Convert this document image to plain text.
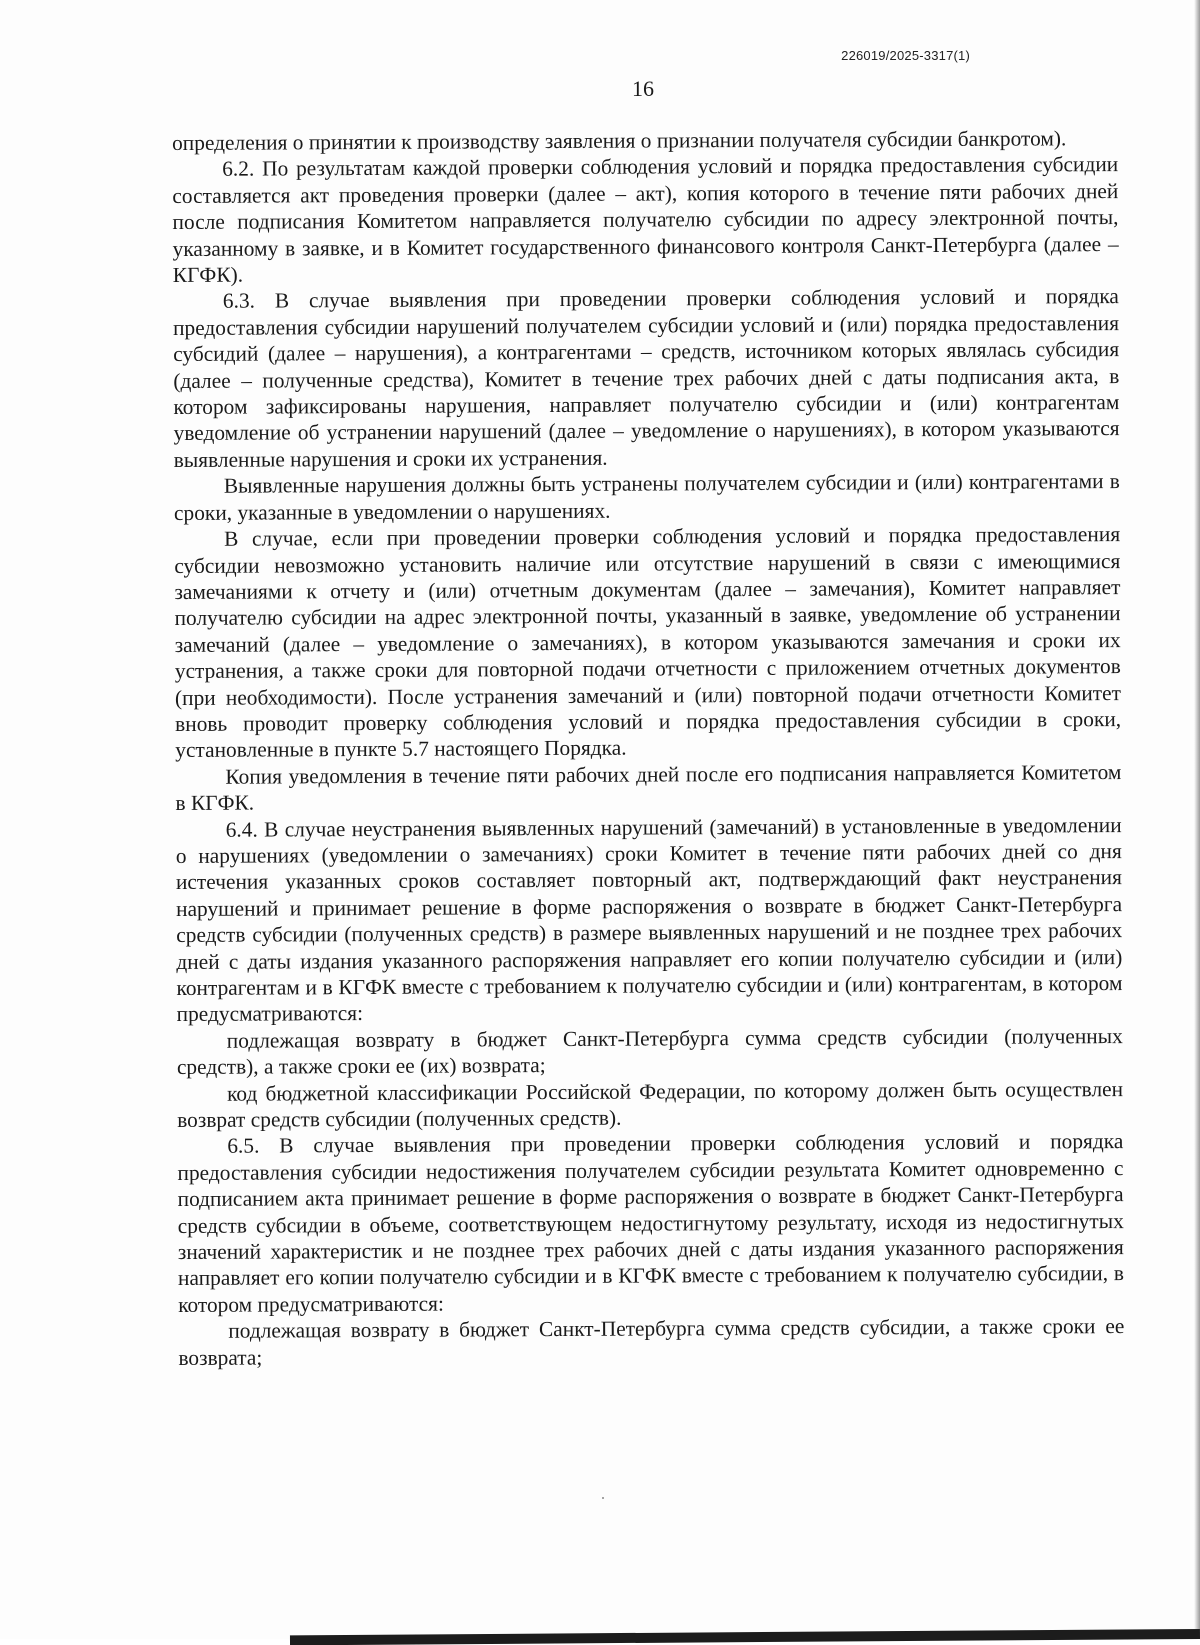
226019/2025-3317(1)
16

определения о принятии к производству заявления о признании получателя субсидии банкротом).

6.2. По результатам каждой проверки соблюдения условий и порядка предоставления субсидии составляется акт проведения проверки (далее – акт), копия которого в течение пяти рабочих дней после подписания Комитетом направляется получателю субсидии по адресу электронной почты, указанному в заявке, и в Комитет государственного финансового контроля Санкт-Петербурга (далее – КГФК).

6.3. В случае выявления при проведении проверки соблюдения условий и порядка предоставления субсидии нарушений получателем субсидии условий и (или) порядка предоставления субсидий (далее – нарушения), а контрагентами – средств, источником которых являлась субсидия (далее – полученные средства), Комитет в течение трех рабочих дней с даты подписания акта, в котором зафиксированы нарушения, направляет получателю субсидии и (или) контрагентам уведомление об устранении нарушений (далее – уведомление о нарушениях), в котором указываются выявленные нарушения и сроки их устранения.

Выявленные нарушения должны быть устранены получателем субсидии и (или) контрагентами в сроки, указанные в уведомлении о нарушениях.

В случае, если при проведении проверки соблюдения условий и порядка предоставления субсидии невозможно установить наличие или отсутствие нарушений в связи с имеющимися замечаниями к отчету и (или) отчетным документам (далее – замечания), Комитет направляет получателю субсидии на адрес электронной почты, указанный в заявке, уведомление об устранении замечаний (далее – уведомление о замечаниях), в котором указываются замечания и сроки их устранения, а также сроки для повторной подачи отчетности с приложением отчетных документов (при необходимости). После устранения замечаний и (или) повторной подачи отчетности Комитет вновь проводит проверку соблюдения условий и порядка предоставления субсидии в сроки, установленные в пункте 5.7 настоящего Порядка.

Копия уведомления в течение пяти рабочих дней после его подписания направляется Комитетом в КГФК.

6.4. В случае неустранения выявленных нарушений (замечаний) в установленные в уведомлении о нарушениях (уведомлении о замечаниях) сроки Комитет в течение пяти рабочих дней со дня истечения указанных сроков составляет повторный акт, подтверждающий факт неустранения нарушений и принимает решение в форме распоряжения о возврате в бюджет Санкт-Петербурга средств субсидии (полученных средств) в размере выявленных нарушений и не позднее трех рабочих дней с даты издания указанного распоряжения направляет его копии получателю субсидии и (или) контрагентам и в КГФК вместе с требованием к получателю субсидии и (или) контрагентам, в котором предусматриваются:

подлежащая возврату в бюджет Санкт-Петербурга сумма средств субсидии (полученных средств), а также сроки ее (их) возврата;

код бюджетной классификации Российской Федерации, по которому должен быть осуществлен возврат средств субсидии (полученных средств).

6.5. В случае выявления при проведении проверки соблюдения условий и порядка предоставления субсидии недостижения получателем субсидии результата Комитет одновременно с подписанием акта принимает решение в форме распоряжения о возврате в бюджет Санкт-Петербурга средств субсидии в объеме, соответствующем недостигнутому результату, исходя из недостигнутых значений характеристик и не позднее трех рабочих дней с даты издания указанного распоряжения направляет его копии получателю субсидии и в КГФК вместе с требованием к получателю субсидии, в котором предусматриваются:

подлежащая возврату в бюджет Санкт-Петербурга сумма средств субсидии, а также сроки ее возврата;
